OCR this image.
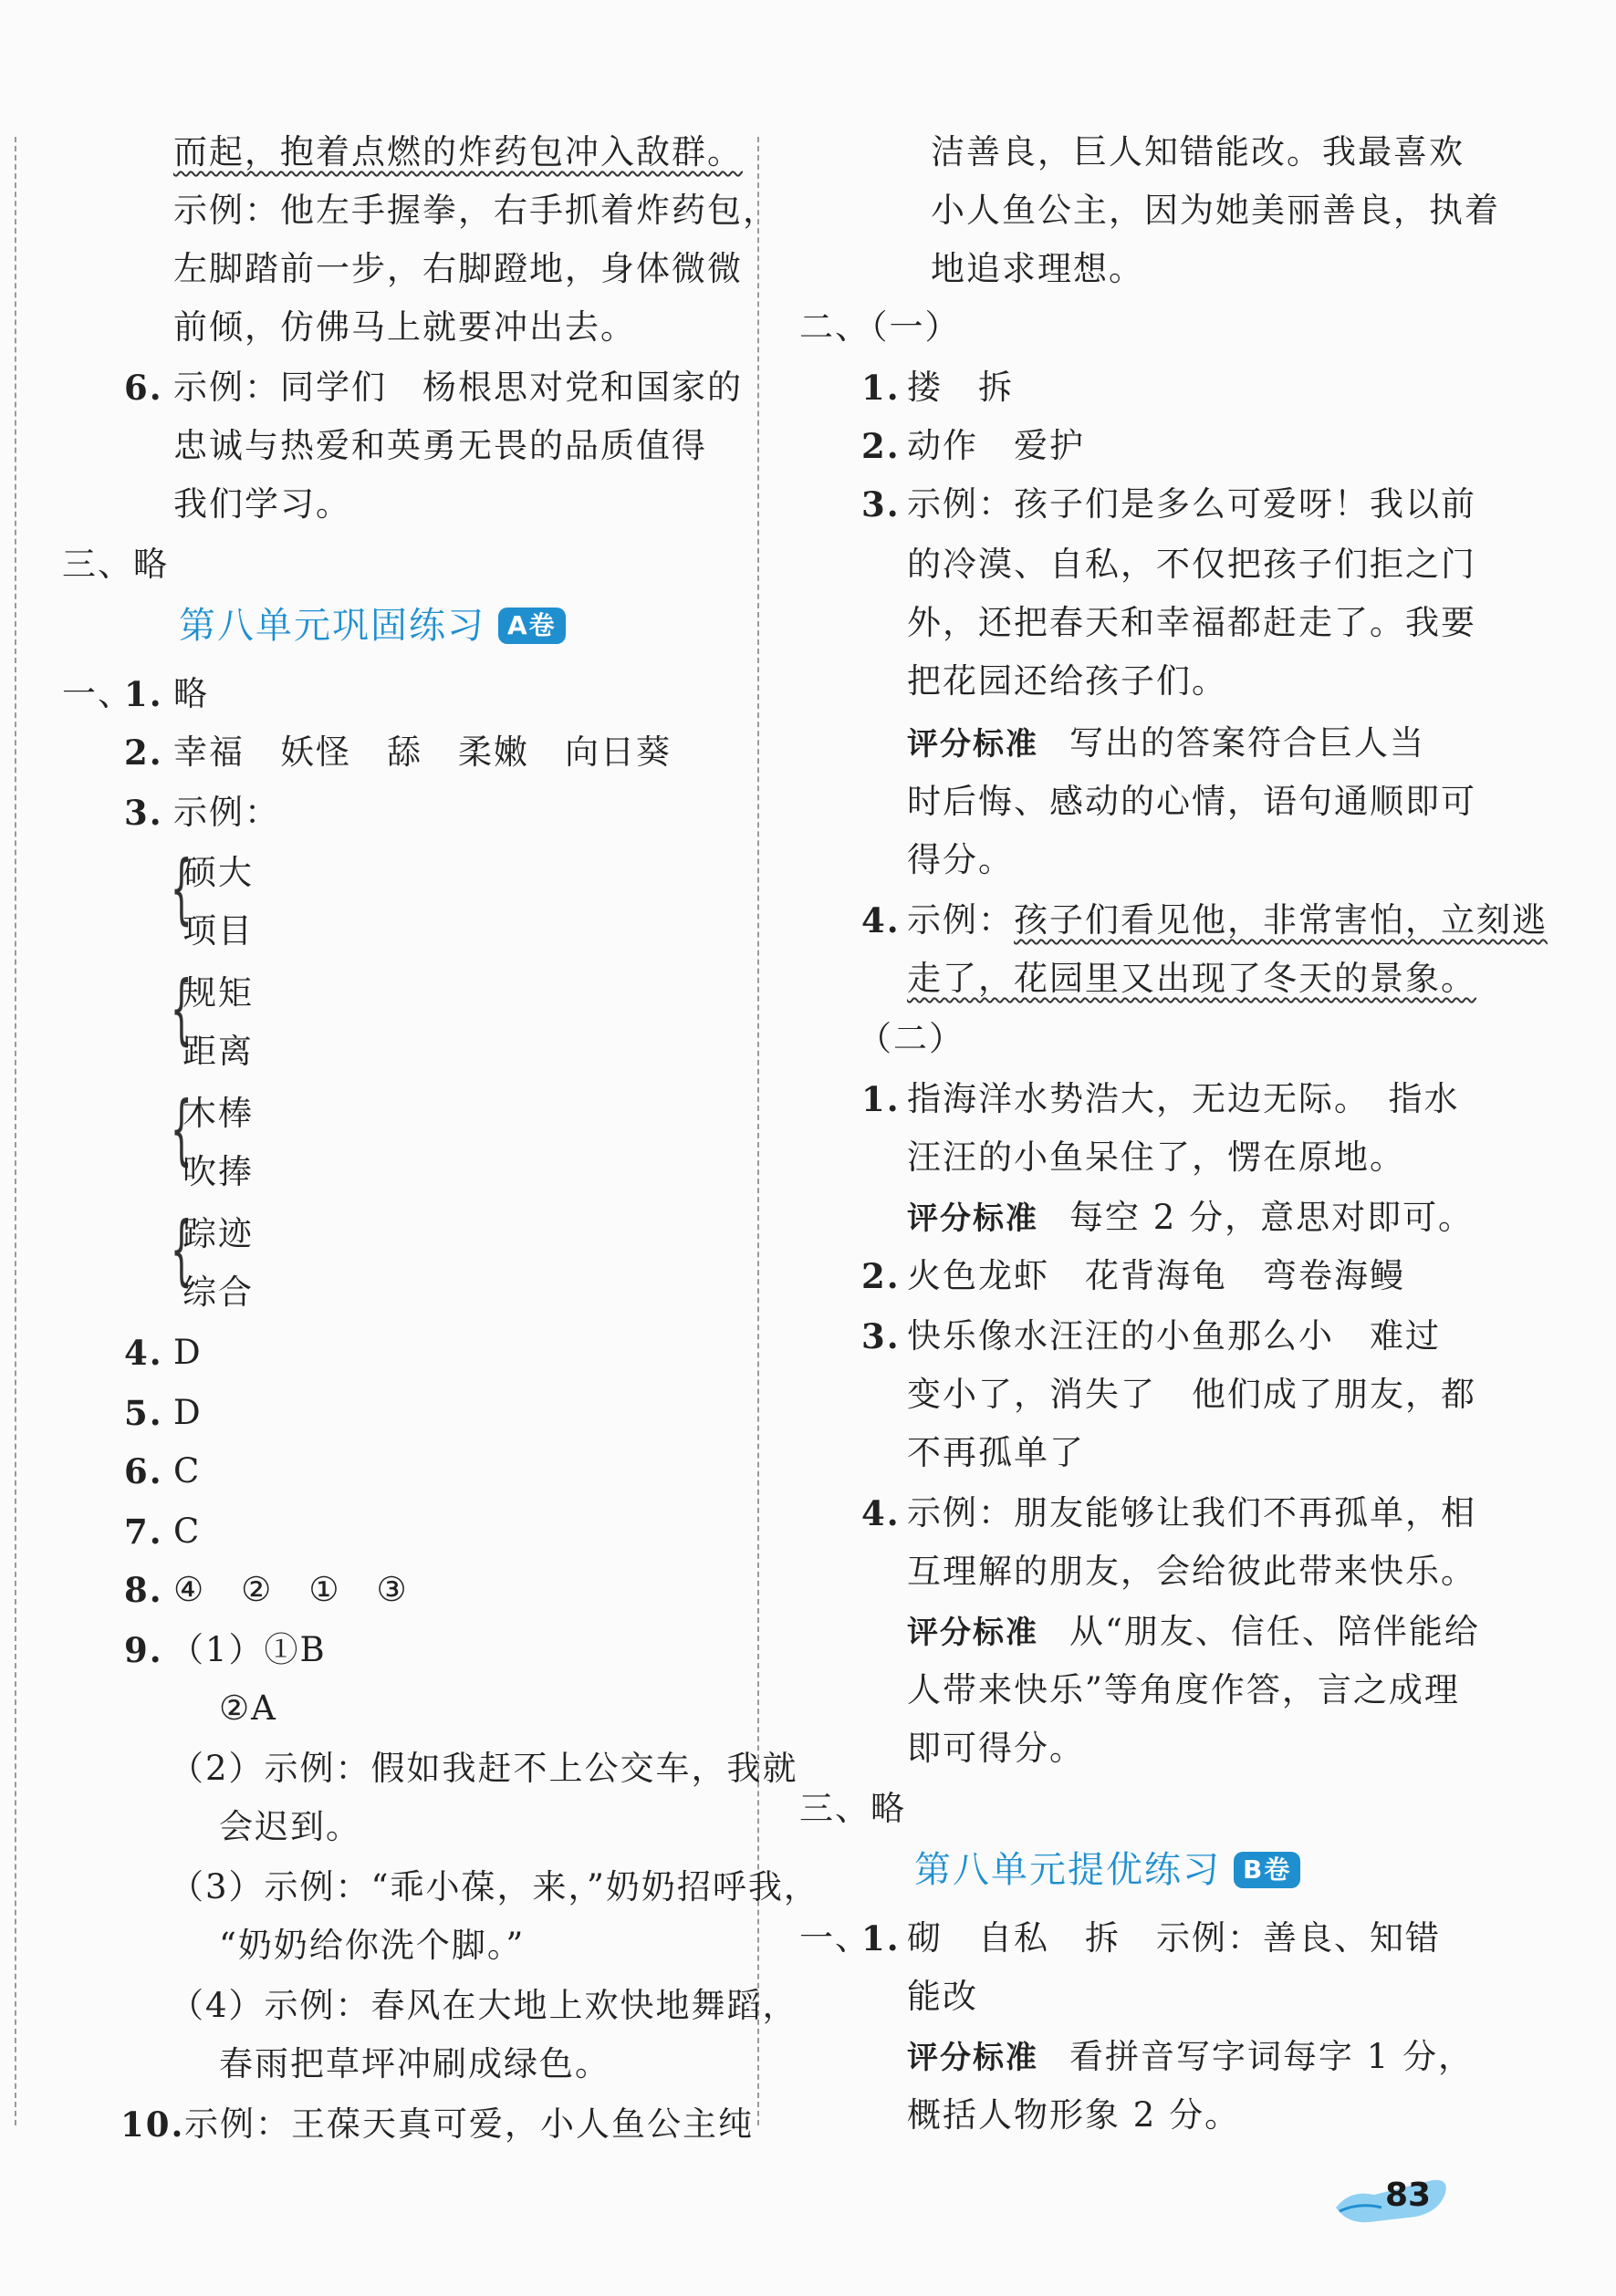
而起，抱着点燃的炸药包冲入敌群。
示例：他左手握拳，右手抓着炸药包，
左脚踏前一步，右脚蹬地，身体微微
前倾，仿佛马上就要冲出去。
6. 示例：同学们　杨根思对党和国家的
忠诚与热爱和英勇无畏的品质值得
我们学习。
三、略
第八单元巩固练习 A卷
一、
1. 略
2. 幸福　妖怪　舔　柔嫩　向日葵
3. 示例：
{
硕大
项目
{
规矩
距离
{
木棒
吹捧
{
踪迹
综合
4. D
5. D
6. C
7. C
8. ④　②　①　③
9. （1）①B
②A
（2）示例：假如我赶不上公交车，我就
会迟到。
（3）示例：“乖小葆，来，”奶奶招呼我，
“奶奶给你洗个脚。”
（4）示例：春风在大地上欢快地舞蹈，
春雨把草坪冲刷成绿色。
10. 示例：王葆天真可爱，小人鱼公主纯
洁善良，巨人知错能改。我最喜欢
小人鱼公主，因为她美丽善良，执着
地追求理想。
二、（一）
1. 搂　拆
2. 动作　爱护
3. 示例：孩子们是多么可爱呀！我以前
的冷漠、自私，不仅把孩子们拒之门
外，还把春天和幸福都赶走了。我要
把花园还给孩子们。
评分标准 写出的答案符合巨人当
时后悔、感动的心情，语句通顺即可
得分。
4. 示例：孩子们看见他，非常害怕，立刻逃
走了，花园里又出现了冬天的景象。
（二）
1. 指海洋水势浩大，无边无际。　指水
汪汪的小鱼呆住了，愣在原地。
评分标准 每空 2 分，意思对即可。
2. 火色龙虾　花背海龟　弯卷海鳗
3. 快乐像水汪汪的小鱼那么小　难过
变小了，消失了　他们成了朋友，都
不再孤单了
4. 示例：朋友能够让我们不再孤单，相
互理解的朋友，会给彼此带来快乐。
评分标准 从“朋友、信任、陪伴能给
人带来快乐”等角度作答，言之成理
即可得分。
三、略
第八单元提优练习 B卷
一、
1. 砌　自私　拆　示例：善良、知错
能改
评分标准 看拼音写字词每字 1 分，
概括人物形象 2 分。
83
